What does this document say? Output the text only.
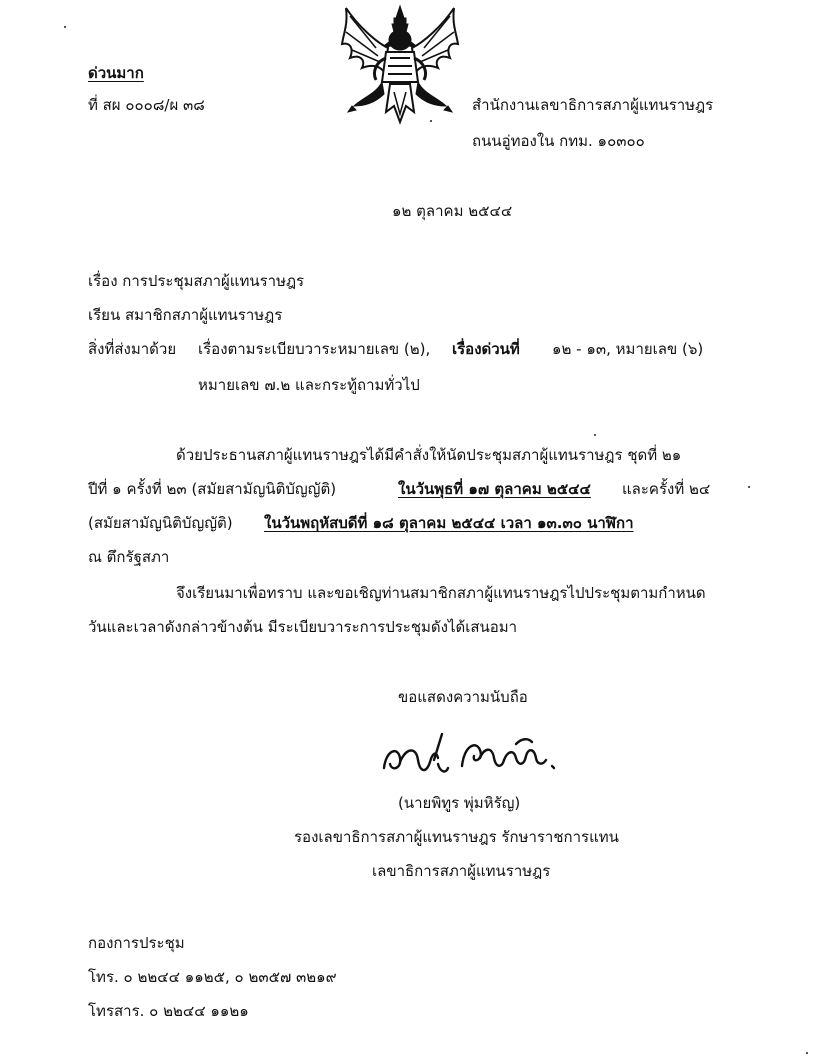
ด่วนมาก
ที่ สผ ๐๐๐๘/ผ ๓๘	สำนักงานเลขาธิการสภาผู้แทนราษฎร
ถนนอู่ทองใน กทม. ๑๐๓๐๐
๑๒ ตุลาคม ๒๕๔๔
เรื่อง การประชุมสภาผู้แทนราษฎร
เรียน สมาชิกสภาผู้แทนราษฎร
สิ่งที่ส่งมาด้วย เรื่องตามระเบียบวาระหมายเลข (๒), เรื่องด่วนที่ ๑๒ - ๑๓, หมายเลข (๖)
หมายเลข ๗.๒ และกระทู้ถามทั่วไป
ด้วยประธานสภาผู้แทนราษฎรได้มีคำสั่งให้นัดประชุมสภาผู้แทนราษฎร ชุดที่ ๒๑
ปีที่ ๑ ครั้งที่ ๒๓ (สมัยสามัญนิติบัญญัติ)	ในวันพุธที่ ๑๗ ตุลาคม ๒๕๔๔ และครั้งที่ ๒๔
(สมัยสามัญนิติบัญญัติ) ในวันพฤหัสบดีที่ ๑๘ ตุลาคม ๒๕๔๔ เวลา ๑๓.๓๐ นาฬิกา
ณ ตึกรัฐสภา
จึงเรียนมาเพื่อทราบ และขอเชิญท่านสมาชิกสภาผู้แทนราษฎรไปประชุมตามกำหนด
วันและเวลาดังกล่าวข้างต้น มีระเบียบวาระการประชุมดังได้เสนอมา
ขอแสดงความนับถือ
(นายพิทูร พุ่มหิรัญ)
รองเลขาธิการสภาผู้แทนราษฎร รักษาราชการแทน
เลขาธิการสภาผู้แทนราษฎร
กองการประชุม
โทร. ๐ ๒๒๔๔ ๑๑๒๕, ๐ ๒๓๕๗ ๓๒๑๙
โทรสาร. ๐ ๒๒๔๔ ๑๑๒๑
